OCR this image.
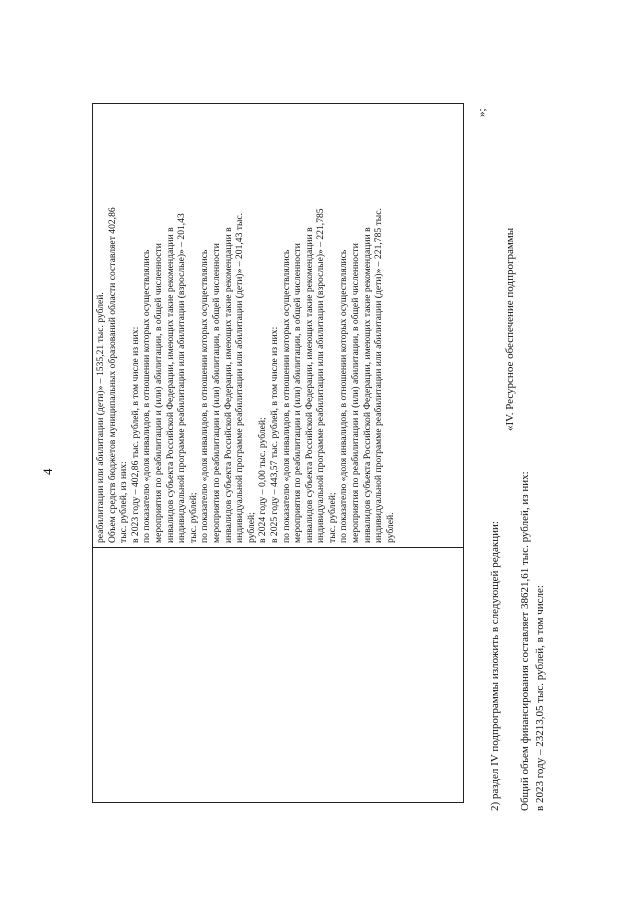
4	реабилитации или абилитации (дети)» – 1535,21 тыс. рублей. Объем средств бюджетов муниципальных образований области составляет 402,86 тыс. рублей, из них: в 2023 году – 402,86 тыс. рублей, в том числе из них: по показателю «доля инвалидов, в отношении которых осуществлялись мероприятия по реабилитации и (или) абилитации, в общей численности инвалидов субъекта Российской Федерации, имеющих такие рекомендации в индивидуальной программе реабилитации или абилитации (взрослые)» – 201,43 тыс. рублей; по показателю «доля инвалидов, в отношении которых осуществлялись мероприятия по реабилитации и (или) абилитации, в общей численности инвалидов субъекта Российской Федерации, имеющих такие рекомендации в индивидуальной программе реабилитации или абилитации (дети)» – 201,43 тыс. рублей; в 2024 году – 0,00 тыс. рублей; в 2025 году – 443,57 тыс. рублей, в том числе из них: по показателю «доля инвалидов, в отношении которых осуществлялись мероприятия по реабилитации и (или) абилитации, в общей численности инвалидов субъекта Российской Федерации, имеющих такие рекомендации в индивидуальной программе реабилитации или абилитации (взрослые)» – 221,785 тыс. рублей; по показателю «доля инвалидов, в отношении которых осуществлялись мероприятия по реабилитации и (или) абилитации, в общей численности инвалидов субъекта Российской Федерации, имеющих такие рекомендации в индивидуальной программе реабилитации или абилитации (дети)» – 221,785 тыс. рублей.
»;
2) раздел IV подпрограммы изложить в следующей редакции:
«IV. Ресурсное обеспечение подпрограммы
Общий объем финансирования составляет 38621,61 тыс. рублей, из них: в 2023 году – 23213,05 тыс. рублей, в том числе:
